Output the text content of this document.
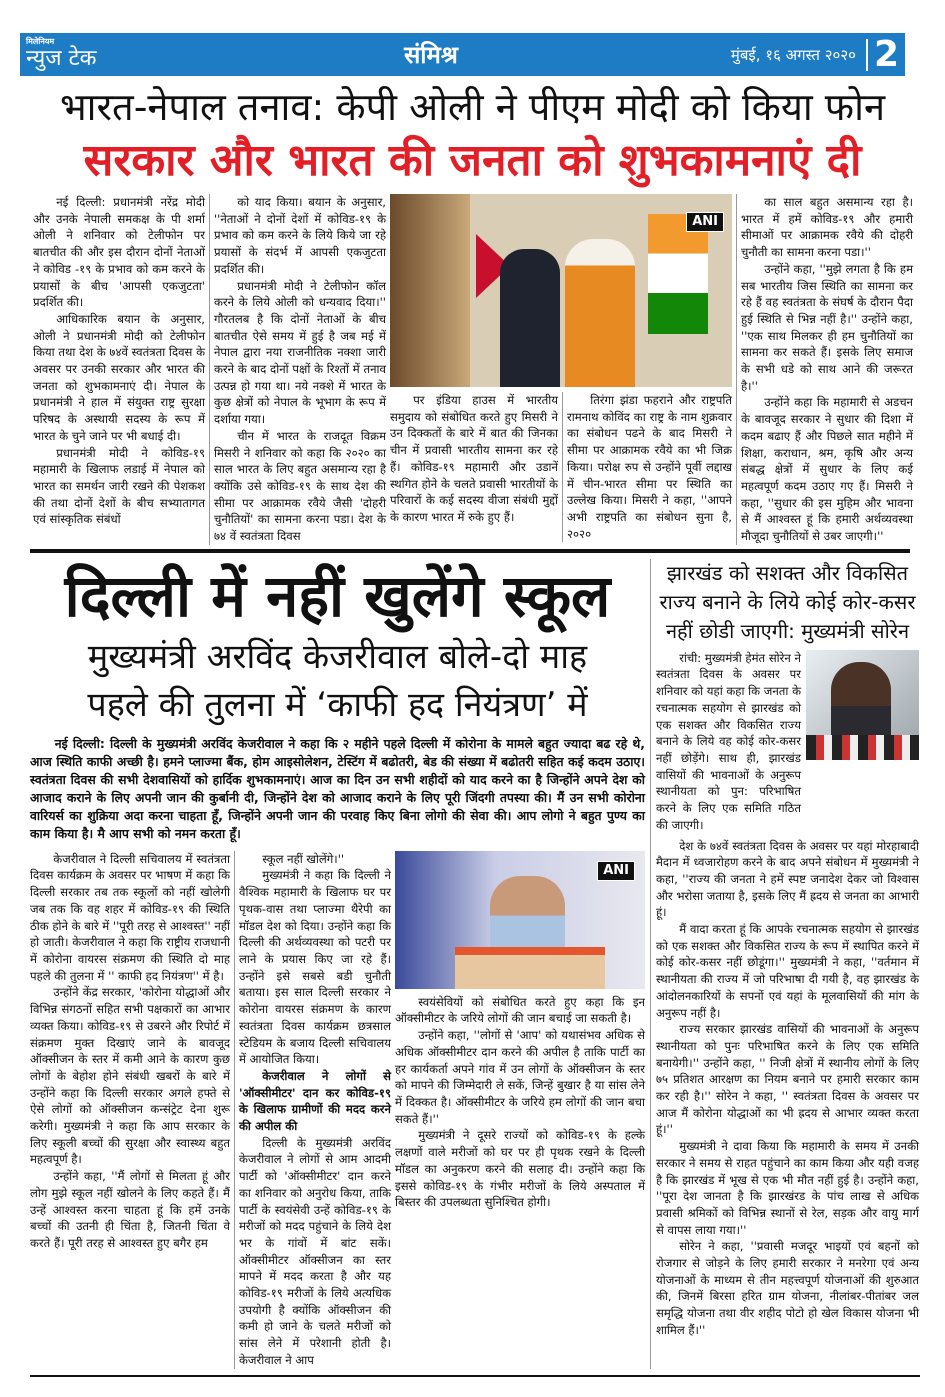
मिलेनियम
न्युज टेक	संमिश्र	मुंबई, १६ अगस्त २०२० 2
भारत-नेपाल तनाव: केपी ओली ने पीएम मोदी को किया फोन
सरकार और भारत की जनता को शुभकामनाएं दी

नई दिल्ली: प्रधानमंत्री नरेंद्र मोदी और उनके नेपाली समकक्ष के पी शर्मा ओली ने शनिवार को टेलीफोन पर बातचीत की और इस दौरान दोनों नेताओं ने कोविड -१९ के प्रभाव को कम करने के प्रयासों के बीच 'आपसी एकजुटता' प्रदर्शित की।

आधिकारिक बयान के अनुसार, ओली ने प्रधानमंत्री मोदी को टेलीफोन किया तथा देश के ७४वें स्वतंत्रता दिवस के अवसर पर उनकी सरकार और भारत की जनता को शुभकामनाएं दी। नेपाल के प्रधानमंत्री ने हाल में संयुक्त राष्ट्र सुरक्षा परिषद के अस्थायी सदस्य के रूप में भारत के चुने जाने पर भी बधाई दी।

प्रधानमंत्री मोदी ने कोविड-१९ महामारी के खिलाफ लडाई में नेपाल को भारत का समर्थन जारी रखने की पेशकश की तथा दोनों देशों के बीच सभ्यातागत एवं सांस्कृतिक संबंधों

को याद किया। बयान के अनुसार, ''नेताओं ने दोनों देशों में कोविड-१९ के प्रभाव को कम करने के लिये किये जा रहे प्रयासों के संदर्भ में आपसी एकजुटता प्रदर्शित की।

प्रधानमंत्री मोदी ने टेलीफोन कॉल करने के लिये ओली को धन्यवाद दिया।'' गौरतलब है कि दोनों नेताओं के बीच बातचीत ऐसे समय में हुई है जब मई में नेपाल द्वारा नया राजनीतिक नक्शा जारी करने के बाद दोनों पक्षों के रिश्तों में तनाव उत्पन्न हो गया था। नये नक्शे में भारत के कुछ क्षेत्रों को नेपाल के भूभाग के रूप में दर्शाया गया।

चीन में भारत के राजदूत विक्रम मिसरी ने शनिवार को कहा कि २०२० का साल भारत के लिए बहुत असमान्य रहा है क्योंकि उसे कोविड-१९ के साथ देश की सीमा पर आक्रामक रवैये जैसी 'दोहरी चुनौतियों' का सामना करना पडा। देश के ७४ वें स्वतंत्रता दिवस

ANI

पर इंडिया हाउस में भारतीय समुदाय को संबोधित करते हुए मिसरी ने उन दिक्कतों के बारे में बात की जिनका चीन में प्रवासी भारतीय सामना कर रहे हैं। कोविड-१९ महामारी और उडानें स्थगित होने के चलते प्रवासी भारतीयों के परिवारों के कई सदस्य वीजा संबंधी मुद्दों के कारण भारत में रुके हुए हैं।

तिरंगा झंडा फहराने और राष्ट्रपति रामनाथ कोविंद का राष्ट्र के नाम शुक्रवार का संबोधन पढने के बाद मिसरी ने सीमा पर आक्रामक रवैये का भी जिक्र किया। परोक्ष रुप से उन्होंने पूर्वी लद्दाख में चीन-भारत सीमा पर स्थिति का उल्लेख किया। मिसरी ने कहा, ''आपने अभी राष्ट्रपति का संबोधन सुना है, २०२०

का साल बहुत असमान्य रहा है। भारत में हमें कोविड-१९ और हमारी सीमाओं पर आक्रामक रवैये की दोहरी चुनौती का सामना करना पडा।''

उन्होंने कहा, ''मुझे लगता है कि हम सब भारतीय जिस स्थिति का सामना कर रहे हैं वह स्वतंत्रता के संघर्ष के दौरान पैदा हुई स्थिति से भिन्न नहीं है।'' उन्होंने कहा, ''एक साथ मिलकर ही हम चुनौतियों का सामना कर सकते हैं। इसके लिए समाज के सभी धडे को साथ आने की जरूरत है।''

उन्होंने कहा कि महामारी से अडचन के बावजूद सरकार ने सुधार की दिशा में कदम बढाए हैं और पिछले सात महीने में शिक्षा, कराधान, श्रम, कृषि और अन्य संबद्ध क्षेत्रों में सुधार के लिए कई महत्वपूर्ण कदम उठाए गए हैं। मिसरी ने कहा, ''सुधार की इस मुहिम और भावना से मैं आश्वस्त हूं कि हमारी अर्थव्यवस्था मौजूदा चुनौतियों से उबर जाएगी।''

दिल्ली में नहीं खुलेंगे स्कूल
मुख्यमंत्री अरविंद केजरीवाल बोले-दो माह
पहले की तुलना में ‘काफी हद नियंत्रण’ में
नई दिल्ली: दिल्ली के मुख्यमंत्री अरविंद केजरीवाल ने कहा कि २ महीने पहले दिल्ली में कोरोना के मामले बहुत ज्यादा बढ रहे थे, आज स्थिति काफी अच्छी है। हमने प्लाज्मा बैंक, होम आइसोलेशन, टेस्टिंग में बढोतरी, बेड की संख्या में बढोतरी सहित कई कदम उठाए। स्वतंत्रता दिवस की सभी देशवासियों को हार्दिक शुभकामनाएं। आज का दिन उन सभी शहीदों को याद करने का है जिन्होंने अपने देश को आजाद कराने के लिए अपनी जान की कुर्बानी दी, जिन्होंने देश को आजाद कराने के लिए पूरी जिंदगी तपस्या की। मैं उन सभी कोरोना वारियर्स का शुक्रिया अदा करना चाहता हूँ, जिन्होंने अपनी जान की परवाह किए बिना लोगो की सेवा की। आप लोगो ने बहुत पुण्य का काम किया है। मै आप सभी को नमन करता हूँ।

केजरीवाल ने दिल्ली सचिवालय में स्वतंत्रता दिवस कार्यक्रम के अवसर पर भाषण में कहा कि दिल्ली सरकार तब तक स्कूलों को नहीं खोलेगी जब तक कि वह शहर में कोविड-१९ की स्थिति ठीक होने के बारे में ''पूरी तरह से आश्वस्त'' नहीं हो जाती। केजरीवाल ने कहा कि राष्ट्रीय राजधानी में कोरोना वायरस संक्रमण की स्थिति दो माह पहले की तुलना में '' काफी हद नियंत्रण'' में है।

उन्होंने केंद्र सरकार, 'कोरोना योद्धाओं और विभिन्न संगठनों सहित सभी पक्षकारों का आभार व्यक्त किया। कोविड-१९ से उबरने और रिपोर्ट में संक्रमण मुक्त दिखाएं जाने के बावजूद ऑक्सीजन के स्तर में कमी आने के कारण कुछ लोगों के बेहोश होने संबंधी खबरों के बारे में उन्होंने कहा कि दिल्ली सरकार अगले हफ्ते से ऐसे लोगों को ऑक्सीजन कन्संट्रेट देना शुरू करेगी। मुख्यमंत्री ने कहा कि आप सरकार के लिए स्कूली बच्चों की सुरक्षा और स्वास्थ्य बहुत महत्वपूर्ण है।

उन्होंने कहा, ''मैं लोगों से मिलता हूं और लोग मुझे स्कूल नहीं खोलने के लिए कहते हैं। मैं उन्हें आश्वस्त करना चाहता हूं कि हमें उनके बच्चों की उतनी ही चिंता है, जितनी चिंता वे करते हैं। पूरी तरह से आश्वस्त हुए बगैर हम

स्कूल नहीं खोलेंगे।''

मुख्यमंत्री ने कहा कि दिल्ली ने वैश्विक महामारी के खिलाफ घर पर पृथक-वास तथा प्लाज्मा थैरेपी का मॉडल देश को दिया। उन्होंने कहा कि दिल्ली की अर्थव्यवस्था को पटरी पर लाने के प्रयास किए जा रहे हैं। उन्होंने इसे सबसे बडी चुनौती बताया। इस साल दिल्ली सरकार ने कोरोना वायरस संक्रमण के कारण स्वतंत्रता दिवस कार्यक्रम छत्रसाल स्टेडियम के बजाय दिल्ली सचिवालय में आयोजित किया।

केजरीवाल ने लोगों से 'ऑक्सीमीटर' दान कर कोविड-१९ के खिलाफ ग्रामीणों की मदद करने की अपील की

दिल्ली के मुख्यमंत्री अरविंद केजरीवाल ने लोगों से आम आदमी पार्टी को 'ऑक्सीमीटर' दान करने का शनिवार को अनुरोध किया, ताकि पार्टी के स्वयंसेवी उन्हें कोविड-१९ के मरीजों को मदद पहुंचाने के लिये देश भर के गांवों में बांट सकें। ऑक्सीमीटर ऑक्सीजन का स्तर मापने में मदद करता है और यह कोविड-१९ मरीजों के लिये अत्यधिक उपयोगी है क्योंकि ऑक्सीजन की कमी हो जाने के चलते मरीजों को सांस लेने में परेशानी होती है। केजरीवाल ने आप

ANI

स्वयंसेवियों को संबोधित करते हुए कहा कि इन ऑक्सीमीटर के जरिये लोगों की जान बचाई जा सकती है।

उन्होंने कहा, ''लोगों से 'आप' को यथासंभव अधिक से अधिक ऑक्सीमीटर दान करने की अपील है ताकि पार्टी का हर कार्यकर्ता अपने गांव में उन लोगों के ऑक्सीजन के स्तर को मापने की जिम्मेदारी ले सकें, जिन्हें बुखार है या सांस लेने में दिक्कत है। ऑक्सीमीटर के जरिये हम लोगों की जान बचा सकते हैं।''

मुख्यमंत्री ने दूसरे राज्यों को कोविड-१९ के हल्के लक्षणों वाले मरीजों को घर पर ही पृथक रखने के दिल्ली मॉडल का अनुकरण करने की सलाह दी। उन्होंने कहा कि इससे कोविड-१९ के गंभीर मरीजों के लिये अस्पताल में बिस्तर की उपलब्धता सुनिश्चित होगी।

झारखंड को सशक्त और विकसित राज्य बनाने के लिये कोई कोर-कसर नहीं छोडी जाएगी: मुख्यमंत्री सोरेन

रांची: मुख्यमंत्री हेमंत सोरेन ने स्वतंत्रता दिवस के अवसर पर शनिवार को यहां कहा कि जनता के रचनात्मक सहयोग से झारखंड को एक सशक्त और विकसित राज्य बनाने के लिये वह कोई कोर-कसर नहीं छोड़ेंगे। साथ ही, झारखंड वासियों की भावनाओं के अनुरूप स्थानीयता को पुन: परिभाषित करने के लिए एक समिति गठित की जाएगी।

देश के ७४वें स्वतंत्रता दिवस के अवसर पर यहां मोरहाबादी मैदान में ध्वजारोहण करने के बाद अपने संबोधन में मुख्यमंत्री ने कहा, ''राज्य की जनता ने हमें स्पष्ट जनादेश देकर जो विश्वास और भरोसा जताया है, इसके लिए मैं ह्रदय से जनता का आभारी हूं।

मैं वादा करता हूं कि आपके रचनात्मक सहयोग से झारखंड को एक सशक्त और विकसित राज्य के रूप में स्थापित करने में कोई कोर-कसर नहीं छोडूंगा।'' मुख्यमंत्री ने कहा, ''वर्तमान में स्थानीयता की राज्य में जो परिभाषा दी गयी है, वह झारखंड के आंदोलनकारियों के सपनों एवं यहां के मूलवासियों की मांग के अनुरूप नहीं है।

राज्य सरकार झारखंड वासियों की भावनाओं के अनुरूप स्थानीयता को पुनः परिभाषित करने के लिए एक समिति बनायेगी।'' उन्होंने कहा, '' निजी क्षेत्रों में स्थानीय लोगों के लिए ७५ प्रतिशत आरक्षण का नियम बनाने पर हमारी सरकार काम कर रही है।'' सोरेन ने कहा, '' स्वतंत्रता दिवस के अवसर पर आज मैं कोरोना योद्धाओं का भी ह्रदय से आभार व्यक्त करता हूं।''

मुख्यमंत्री ने दावा किया कि महामारी के समय में उनकी सरकार ने समय से राहत पहुंचाने का काम किया और यही वजह है कि झारखंड में भूख से एक भी मौत नहीं हुई है। उन्होंने कहा, ''पूरा देश जानता है कि झारखंरड के पांच लाख से अधिक प्रवासी श्रमिकों को विभिन्न स्थानों से रेल, सड़क और वायु मार्ग से वापस लाया गया।''

सोरेन ने कहा, ''प्रवासी मजदूर भाइयों एवं बहनों को रोजगार से जोड़ने के लिए हमारी सरकार ने मनरेगा एवं अन्य योजनाओं के माध्यम से तीन महत्त्वपूर्ण योजनाओं की शुरुआत की, जिनमें बिरसा हरित ग्राम योजना, नीलांबर-पीतांबर जल समृद्धि योजना तथा वीर शहीद पोटो हो खेल विकास योजना भी शामिल हैं।''
